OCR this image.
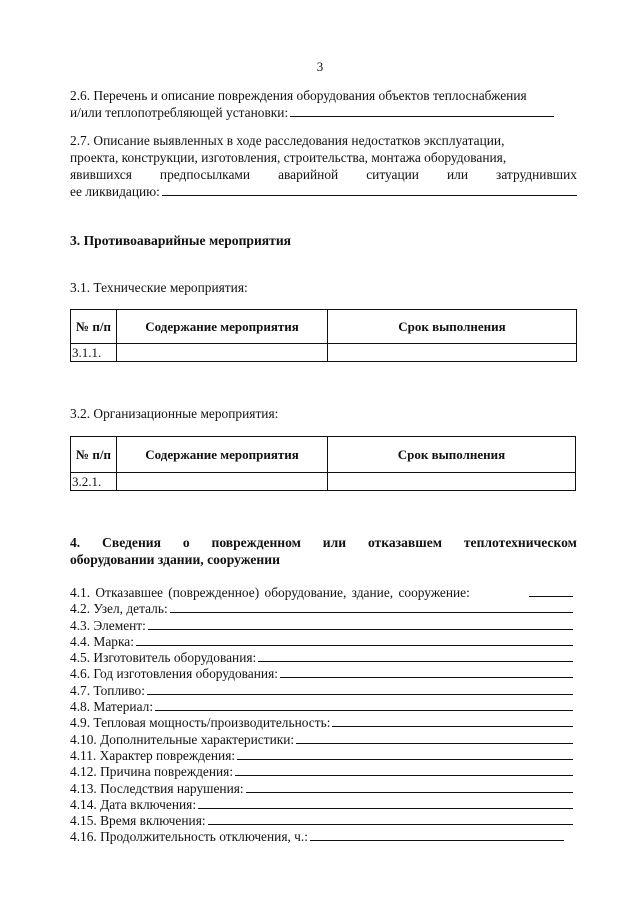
3
2.6. Перечень и описание повреждения оборудования объектов теплоснабжения
и/или теплопотребляющей установки:
2.7. Описание выявленных в ходе расследования недостатков эксплуатации,
проекта, конструкции, изготовления, строительства, монтажа оборудования,
явившихся предпосылками аварийной ситуации или затруднивших
ее ликвидацию:
3. Противоаварийные мероприятия
3.1. Технические мероприятия:
№ п/п	Содержание мероприятия	Срок выполнения
3.1.1.		
3.2. Организационные мероприятия:
№ п/п	Содержание мероприятия	Срок выполнения
3.2.1.		
4. Сведения о поврежденном или отказавшем теплотехническом
оборудовании здании, сооружении
4.1. Отказавшее (поврежденное) оборудование, здание, сооружение:
4.2. Узел, деталь:
4.3. Элемент:
4.4. Марка:
4.5. Изготовитель оборудования:
4.6. Год изготовления оборудования:
4.7. Топливо:
4.8. Материал:
4.9. Тепловая мощность/производительность:
4.10. Дополнительные характеристики:
4.11. Характер повреждения:
4.12. Причина повреждения:
4.13. Последствия нарушения:
4.14. Дата включения:
4.15. Время включения:
4.16. Продолжительность отключения, ч.:
